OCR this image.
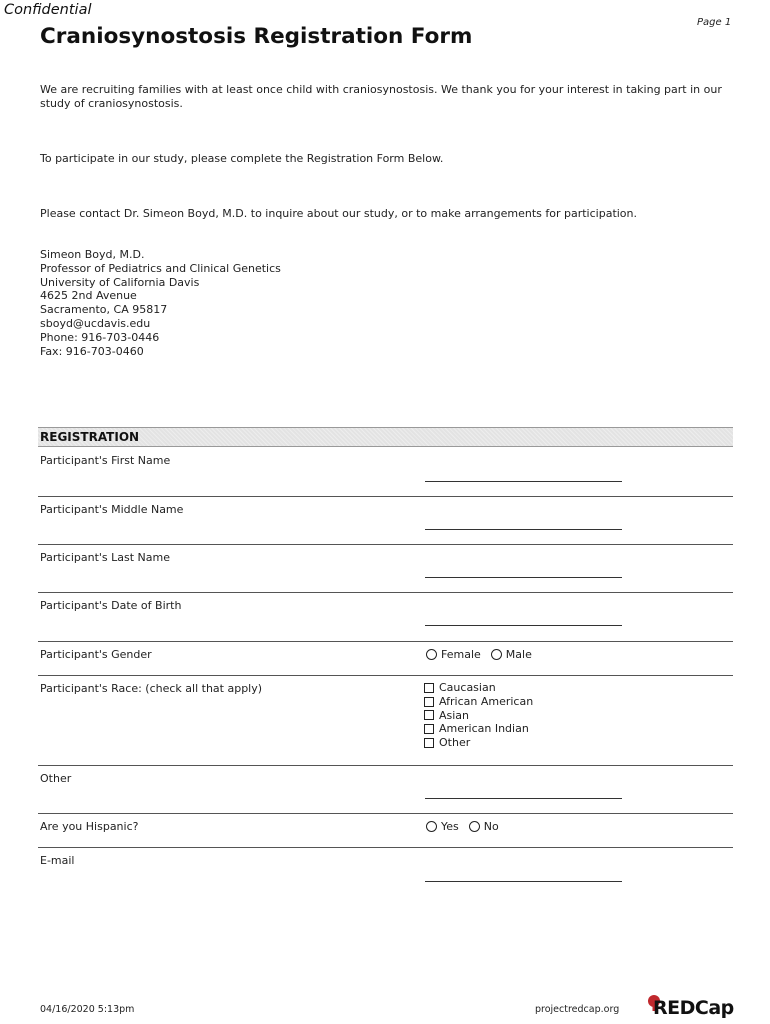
Confidential
Page 1
Craniosynostosis Registration Form
We are recruiting families with at least once child with craniosynostosis. We thank you for your interest in taking part in our study of craniosynostosis.
To participate in our study, please complete the Registration Form Below.
Please contact Dr. Simeon Boyd, M.D. to inquire about our study, or to make arrangements for participation.
Simeon Boyd, M.D.
Professor of Pediatrics and Clinical Genetics
University of California Davis
4625 2nd Avenue
Sacramento, CA 95817
sboyd@ucdavis.edu
Phone: 916-703-0446
Fax: 916-703-0460
REGISTRATION
Participant's First Name
Participant's Middle Name
Participant's Last Name
Participant's Date of Birth
Participant's Gender	Female Male
Participant's Race: (check all that apply)	Caucasian
African American
Asian
American Indian
Other
Other
Are you Hispanic?	Yes No
E-mail
04/16/2020 5:13pm	projectredcap.org REDCap
